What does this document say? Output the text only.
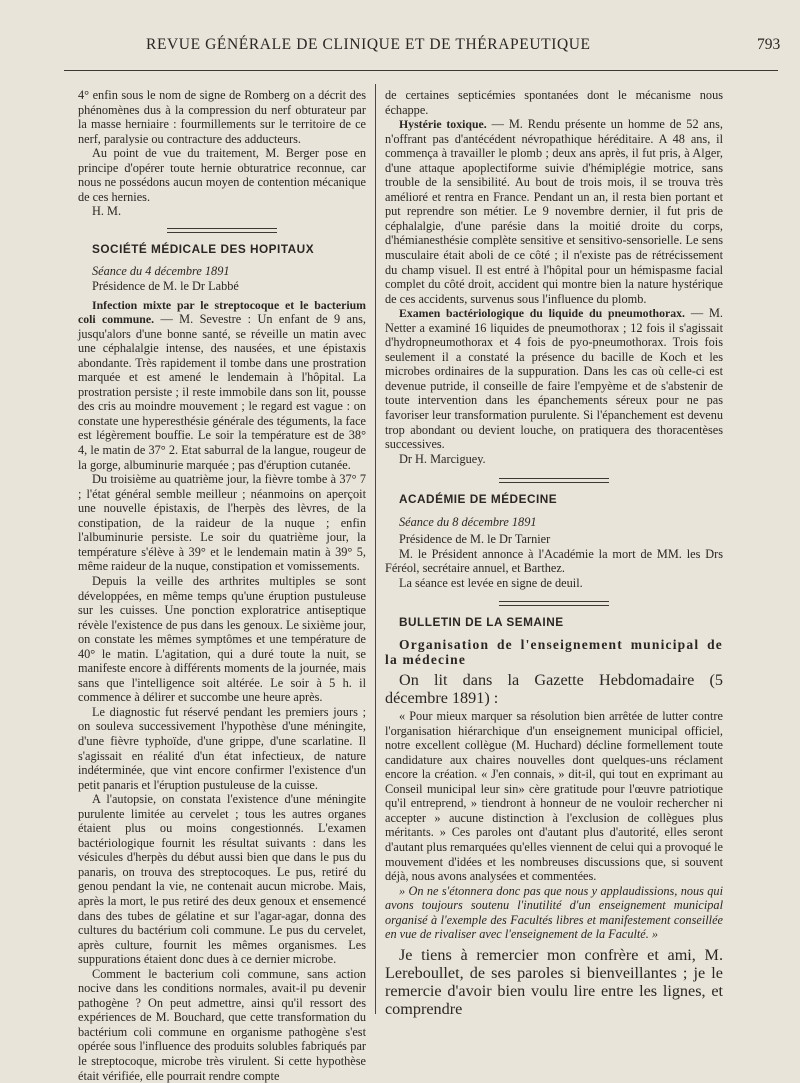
REVUE GÉNÉRALE DE CLINIQUE ET DE THÉRAPEUTIQUE	793

4° enfin sous le nom de signe de Romberg on a décrit des phénomènes dus à la compression du nerf obturateur par la masse herniaire : fourmillements sur le territoire de ce nerf, paralysie ou contracture des adducteurs.

Au point de vue du traitement, M. Berger pose en principe d'opérer toute hernie obturatrice reconnue, car nous ne possédons aucun moyen de contention mécanique de ces hernies.

H. M.

SOCIÉTÉ MÉDICALE DES HOPITAUX

Séance du 4 décembre 1891

Présidence de M. le Dr Labbé

Infection mixte par le streptocoque et le bacterium coli commune. — M. Sevestre : Un enfant de 9 ans, jusqu'alors d'une bonne santé, se réveille un matin avec une céphalalgie intense, des nausées, et une épistaxis abondante. Très rapidement il tombe dans une prostration marquée et est amené le lendemain à l'hôpital. La prostration persiste ; il reste immobile dans son lit, pousse des cris au moindre mouvement ; le regard est vague : on constate une hyperesthésie générale des téguments, la face est légèrement bouffie. Le soir la température est de 38° 4, le matin de 37° 2. Etat saburral de la langue, rougeur de la gorge, albuminurie marquée ; pas d'éruption cutanée.

Du troisième au quatrième jour, la fièvre tombe à 37° 7 ; l'état général semble meilleur ; néanmoins on aperçoit une nouvelle épistaxis, de l'herpès des lèvres, de la constipation, de la raideur de la nuque ; enfin l'albuminurie persiste. Le soir du quatrième jour, la température s'élève à 39° et le lendemain matin à 39° 5, même raideur de la nuque, constipation et vomissements.

Depuis la veille des arthrites multiples se sont développées, en même temps qu'une éruption pustuleuse sur les cuisses. Une ponction exploratrice antiseptique révèle l'existence de pus dans les genoux. Le sixième jour, on constate les mêmes symptômes et une température de 40° le matin. L'agitation, qui a duré toute la nuit, se manifeste encore à différents moments de la journée, mais sans que l'intelligence soit altérée. Le soir à 5 h. il commence à délirer et succombe une heure après.

Le diagnostic fut réservé pendant les premiers jours ; on souleva successivement l'hypothèse d'une méningite, d'une fièvre typhoïde, d'une grippe, d'une scarlatine. Il s'agissait en réalité d'un état infectieux, de nature indéterminée, que vint encore confirmer l'existence d'un petit panaris et l'éruption pustuleuse de la cuisse.

A l'autopsie, on constata l'existence d'une méningite purulente limitée au cervelet ; tous les autres organes étaient plus ou moins congestionnés. L'examen bactériologique fournit les résultat suivants : dans les vésicules d'herpès du début aussi bien que dans le pus du panaris, on trouva des streptocoques. Le pus, retiré du genou pendant la vie, ne contenait aucun microbe. Mais, après la mort, le pus retiré des deux genoux et ensemencé dans des tubes de gélatine et sur l'agar-agar, donna des cultures du bactérium coli commune. Le pus du cervelet, après culture, fournit les mêmes organismes. Les suppurations étaient donc dues à ce dernier microbe.

Comment le bacterium coli commune, sans action nocive dans les conditions normales, avait-il pu devenir pathogène ? On peut admettre, ainsi qu'il ressort des expériences de M. Bouchard, que cette transformation du bactérium coli commune en organisme pathogène s'est opérée sous l'influence des produits solubles fabriqués par le streptocoque, microbe très virulent. Si cette hypothèse était vérifiée, elle pourrait rendre compte

de certaines septicémies spontanées dont le mécanisme nous échappe.

Hystérie toxique. — M. Rendu présente un homme de 52 ans, n'offrant pas d'antécédent névropathique héréditaire. A 48 ans, il commença à travailler le plomb ; deux ans après, il fut pris, à Alger, d'une attaque apoplectiforme suivie d'hémiplégie motrice, sans trouble de la sensibilité. Au bout de trois mois, il se trouva très amélioré et rentra en France. Pendant un an, il resta bien portant et put reprendre son métier. Le 9 novembre dernier, il fut pris de céphalalgie, d'une parésie dans la moitié droite du corps, d'hémianesthésie complète sensitive et sensitivo-sensorielle. Le sens musculaire était aboli de ce côté ; il n'existe pas de rétrécissement du champ visuel. Il est entré à l'hôpital pour un hémispasme facial complet du côté droit, accident qui montre bien la nature hystérique de ces accidents, survenus sous l'influence du plomb.

Examen bactériologique du liquide du pneumothorax. — M. Netter a examiné 16 liquides de pneumothorax ; 12 fois il s'agissait d'hydropneumothorax et 4 fois de pyo-pneumothorax. Trois fois seulement il a constaté la présence du bacille de Koch et les microbes ordinaires de la suppuration. Dans les cas où celle-ci est devenue putride, il conseille de faire l'empyème et de s'abstenir de toute intervention dans les épanchements séreux pour ne pas favoriser leur transformation purulente. Si l'épanchement est devenu trop abondant ou devient louche, on pratiquera des thoracentèses successives.

Dr H. Marciguey.

ACADÉMIE DE MÉDECINE

Séance du 8 décembre 1891

Présidence de M. le Dr Tarnier

M. le Président annonce à l'Académie la mort de MM. les Drs Féréol, secrétaire annuel, et Barthez.

La séance est levée en signe de deuil.

BULLETIN DE LA SEMAINE

Organisation de l'enseignement municipal de la médecine

On lit dans la Gazette Hebdomadaire (5 décembre 1891) :

« Pour mieux marquer sa résolution bien arrêtée de lutter contre l'organisation hiérarchique d'un enseignement municipal officiel, notre excellent collègue (M. Huchard) décline formellement toute candidature aux chaires nouvelles dont quelques-uns réclament encore la création. « J'en connais, » dit-il, qui tout en exprimant au Conseil municipal leur sin» cère gratitude pour l'œuvre patriotique qu'il entreprend, » tiendront à honneur de ne vouloir rechercher ni accepter » aucune distinction à l'exclusion de collègues plus méritants. » Ces paroles ont d'autant plus d'autorité, elles seront d'autant plus remarquées qu'elles viennent de celui qui a provoqué le mouvement d'idées et les nombreuses discussions que, si souvent déjà, nous avons analysées et commentées.

» On ne s'étonnera donc pas que nous y applaudissions, nous qui avons toujours soutenu l'inutilité d'un enseignement municipal organisé à l'exemple des Facultés libres et manifestement conseillée en vue de rivaliser avec l'enseignement de la Faculté. »

Je tiens à remercier mon confrère et ami, M. Lereboullet, de ses paroles si bienveillantes ; je le remercie d'avoir bien voulu lire entre les lignes, et comprendre
